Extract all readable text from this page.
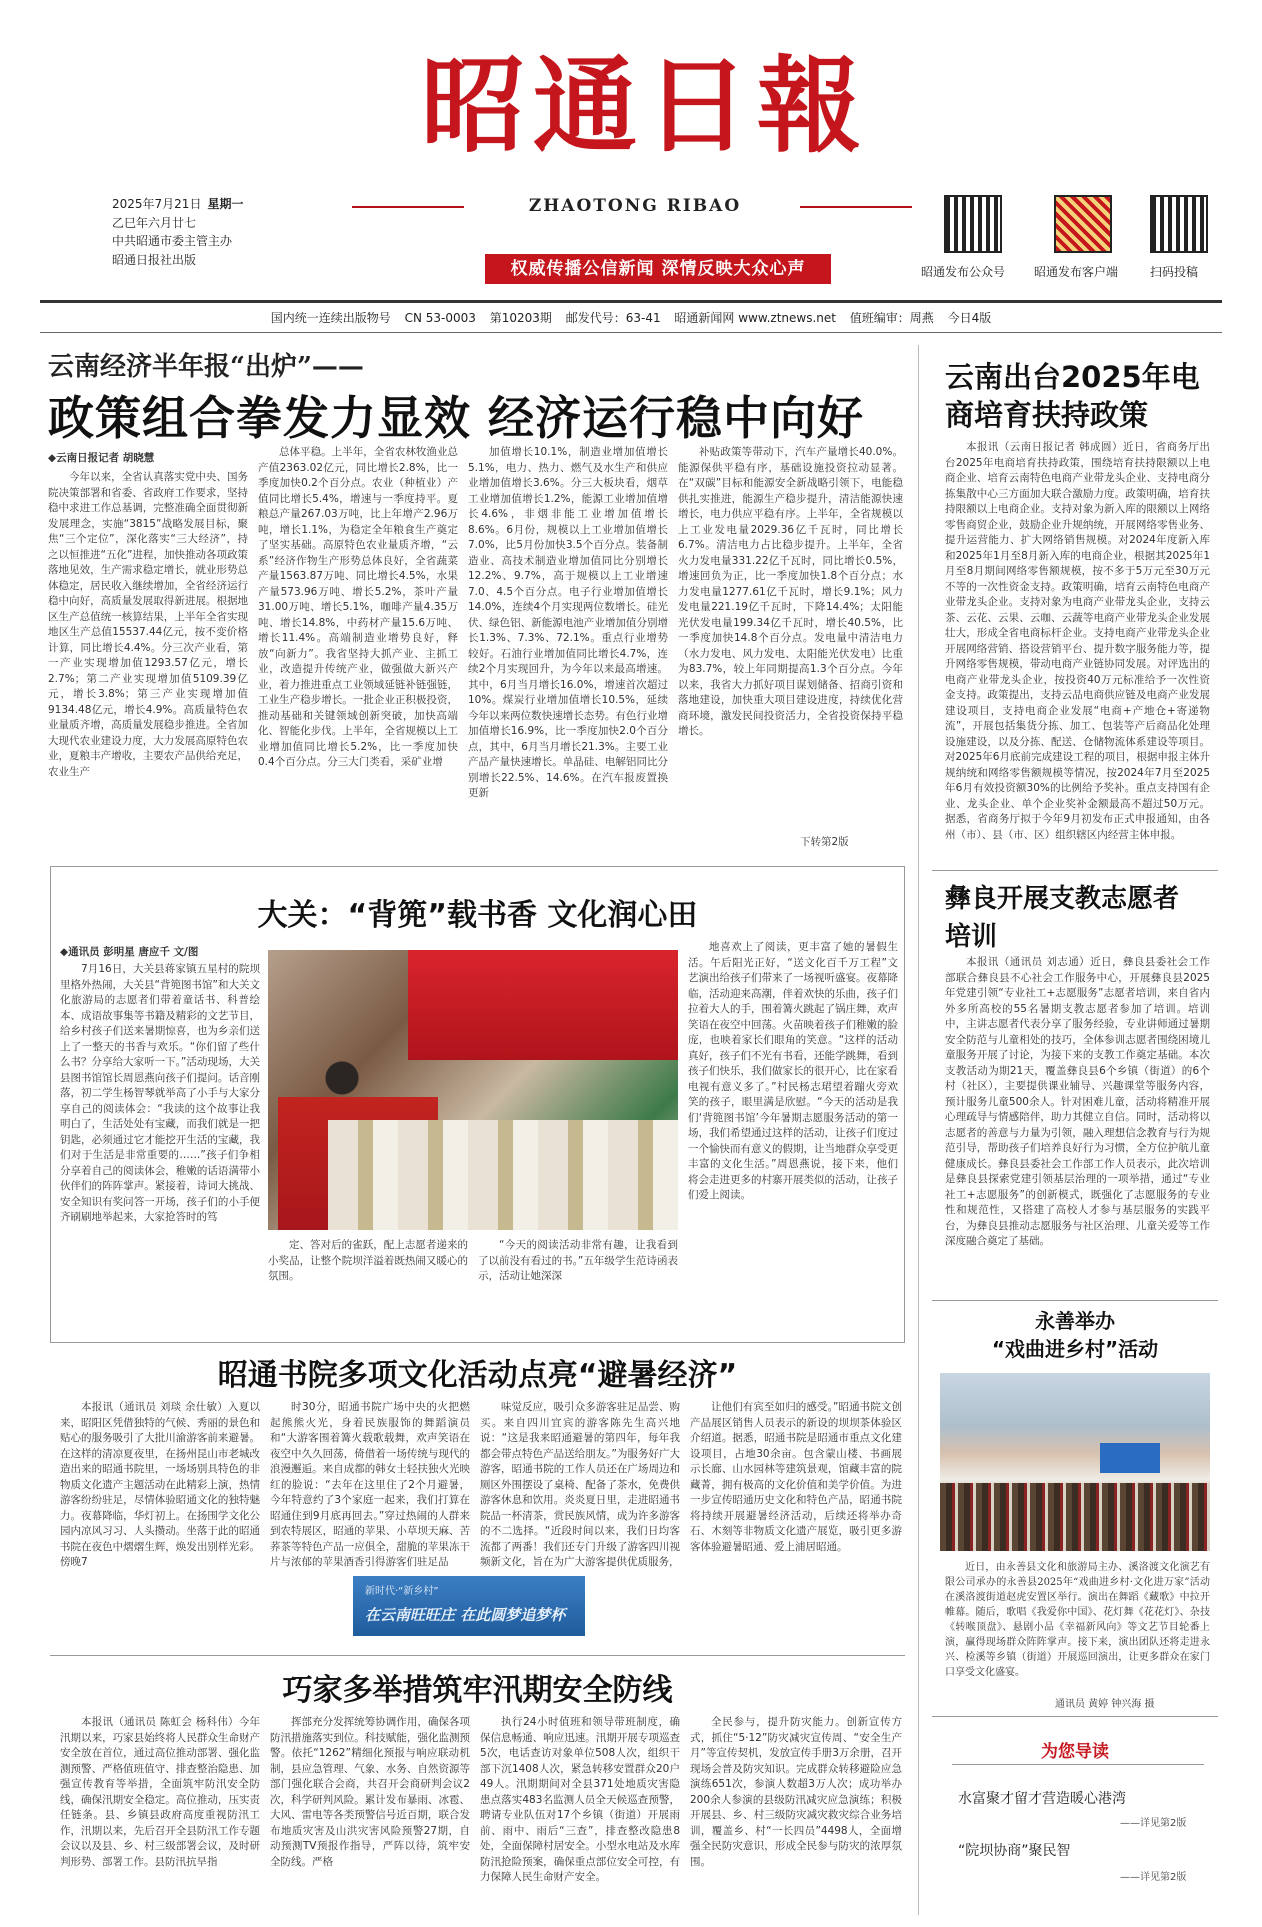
昭通日報
ZHAOTONG RIBAO
权威传播公信新闻 深情反映大众心声
2025年7月21日 星期一
乙巳年六月廿七
中共昭通市委主管主办
昭通日报社出版
昭通发布公众号 昭通发布客户端	扫码投稿
国内统一连续出版物号 CN 53-0003 第10203期 邮发代号：63-41 昭通新闻网 www.ztnews.net 值班编审：周燕 今日4版
云南经济半年报“出炉”——
政策组合拳发力显效 经济运行稳中向好
◆云南日报记者 胡晓慧
今年以来，全省认真落实党中央、国务院决策部署和省委、省政府工作要求，坚持稳中求进工作总基调，完整准确全面贯彻新发展理念，实施“3815”战略发展目标，聚焦“三个定位”，深化落实“三大经济”，持之以恒推进“五化”进程，加快推动各项政策落地见效，生产需求稳定增长，就业形势总体稳定，居民收入继续增加，全省经济运行稳中向好，高质量发展取得新进展。根据地区生产总值统一核算结果，上半年全省实现地区生产总值15537.44亿元，按不变价格计算，同比增长4.4%。分三次产业看，第一产业实现增加值1293.57亿元，增长2.7%；第二产业实现增加值5109.39亿元，增长3.8%；第三产业实现增加值9134.48亿元，增长4.9%。高质量特色农业量质齐增，高质量发展稳步推进。全省加大现代农业建设力度，大力发展高原特色农业，夏粮丰产增收，主要农产品供给充足，农业生产
总体平稳。上半年，全省农林牧渔业总产值2363.02亿元，同比增长2.8%，比一季度加快0.2个百分点。农业（种植业）产值同比增长5.4%，增速与一季度持平。夏粮总产量267.03万吨，比上年增产2.96万吨，增长1.1%，为稳定全年粮食生产奠定了坚实基础。高原特色农业量质齐增，“云系”经济作物生产形势总体良好，全省蔬菜产量1563.87万吨、同比增长4.5%，水果产量573.96万吨、增长5.2%，茶叶产量31.00万吨、增长5.1%，咖啡产量4.35万吨、增长14.8%，中药材产量15.6万吨、增长11.4%。高端制造业增势良好，释放“向新力”。我省坚持大抓产业、主抓工业，改造提升传统产业，做强做大新兴产业，着力推进重点工业领域延链补链强链，工业生产稳步增长。一批企业正积极投资，推动基础和关键领域创新突破，加快高端化、智能化步伐。上半年，全省规模以上工业增加值同比增长5.2%，比一季度加快0.4个百分点。分三大门类看，采矿业增
加值增长10.1%，制造业增加值增长5.1%，电力、热力、燃气及水生产和供应业增加值增长3.6%。分三大板块看，烟草工业增加值增长1.2%，能源工业增加值增长4.6%，非烟非能工业增加值增长8.6%。6月份，规模以上工业增加值增长7.0%，比5月份加快3.5个百分点。装备制造业、高技术制造业增加值同比分别增长12.2%、9.7%，高于规模以上工业增速7.0、4.5个百分点。电子行业增加值增长14.0%，连续4个月实现两位数增长。硅光伏、绿色铝、新能源电池产业增加值分别增长1.3%、7.3%、72.1%。重点行业增势较好。石油行业增加值同比增长4.7%，连续2个月实现回升，为今年以来最高增速。其中，6月当月增长16.0%，增速首次超过10%。煤炭行业增加值增长10.5%，延续今年以来两位数快速增长态势。有色行业增加值增长16.9%，比一季度加快2.0个百分点，其中，6月当月增长21.3%。主要工业产品产量快速增长。单晶硅、电解铝同比分别增长22.5%、14.6%。在汽车报废置换更新
补贴政策等带动下，汽车产量增长40.0%。能源保供平稳有序，基础设施投资拉动显著。在“双碳”目标和能源安全新战略引领下，电能稳供扎实推进，能源生产稳步提升，清洁能源快速增长，电力供应平稳有序。上半年，全省规模以上工业发电量2029.36亿千瓦时，同比增长6.7%。清洁电力占比稳步提升。上半年，全省火力发电量331.22亿千瓦时，同比增长0.5%，增速回负为正，比一季度加快1.8个百分点；水力发电量1277.61亿千瓦时，增长9.1%；风力发电量221.19亿千瓦时，下降14.4%；太阳能光伏发电量199.34亿千瓦时，增长40.5%，比一季度加快14.8个百分点。发电量中清洁电力（水力发电、风力发电、太阳能光伏发电）比重为83.7%，较上年同期提高1.3个百分点。今年以来，我省大力抓好项目谋划储备、招商引资和落地建设，加快重大项目建设进度，持续优化营商环境，激发民间投资活力，全省投资保持平稳增长。
下转第2版
云南出台2025年电商培育扶持政策
本报讯（云南日报记者 韩成圆）近日，省商务厅出台2025年电商培育扶持政策，围绕培育扶持限额以上电商企业、培育云南特色电商产业带龙头企业、支持电商分拣集散中心三方面加大联合激励力度。政策明确，培育扶持限额以上电商企业。支持对象为新入库的限额以上网络零售商贸企业，鼓励企业升规纳统，开展网络零售业务、提升运营能力、扩大网络销售规模。对2024年度新入库和2025年1月至8月新入库的电商企业，根据其2025年1月至8月期间网络零售额规模，按不多于5万元至30万元不等的一次性资金支持。政策明确，培育云南特色电商产业带龙头企业。支持对象为电商产业带龙头企业，支持云茶、云花、云果、云咖、云蔬等电商产业带龙头企业发展壮大，形成全省电商标杆企业。支持电商产业带龙头企业开展网络营销、搭设营销平台、提升数字服务能力等，提升网络零售规模，带动电商产业链协同发展。对评选出的电商产业带龙头企业，按投资40万元标准给予一次性资金支持。政策提出，支持云品电商供应链及电商产业发展建设项目，支持电商企业发展“电商+产地仓+寄递物流”，开展包括集货分拣、加工、包装等产后商品化处理设施建设，以及分拣、配送、仓储物流体系建设等项目。对2025年6月底前完成建设工程的项目，根据申报主体升规纳统和网络零售额规模等情况，按2024年7月至2025年6月有效投资额30%的比例给予奖补。重点支持国有企业、龙头企业、单个企业奖补金额最高不超过50万元。据悉，省商务厅拟于今年9月初发布正式申报通知，由各州（市）、县（市、区）组织辖区内经营主体申报。
彝良开展支教志愿者培训
本报讯（通讯员 刘志通）近日，彝良县委社会工作部联合彝良县不心社会工作服务中心，开展彝良县2025年党建引领“专业社工+志愿服务”志愿者培训，来自省内外多所高校的55名暑期支教志愿者参加了培训。培训中，主讲志愿者代表分享了服务经验，专业讲师通过暑期安全防范与儿童相处的技巧，全体参训志愿者围绕困境儿童服务开展了讨论，为接下来的支教工作奠定基础。本次支教活动为期21天，覆盖彝良县6个乡镇（街道）的6个村（社区），主要提供课业辅导、兴趣课堂等服务内容，预计服务儿童500余人。针对困难儿童，活动将精准开展心理疏导与情感陪伴，助力其健立自信。同时，活动将以志愿者的善意与力量为引领，融入理想信念教育与行为规范引导，帮助孩子们培养良好行为习惯，全方位护航儿童健康成长。彝良县委社会工作部工作人员表示，此次培训是彝良县探索党建引领基层治理的一项举措，通过“专业社工+志愿服务”的创新模式，既强化了志愿服务的专业性和规范性，又搭建了高校人才参与基层服务的实践平台，为彝良县推动志愿服务与社区治理、儿童关爱等工作深度融合奠定了基础。
永善举办
“戏曲进乡村”活动
近日，由永善县文化和旅游局主办、溪洛渡文化演艺有限公司承办的永善县2025年“戏曲进乡村·文化进万家”活动在溪洛渡街道赵虎安置区举行。演出在舞蹈《藏歌》中拉开帷幕。随后，歌唱《我爱你中国》、花灯舞《花花灯》、杂技《转喉顶盘》、悬剧小品《幸福新风向》等文艺节目轮番上演，赢得现场群众阵阵掌声。接下来，演出团队还将走进永兴、检溪等乡镇（街道）开展巡回演出，让更多群众在家门口享受文化盛宴。
通讯员 黄婷 钟兴海 摄
为您导读
水富聚才留才营造暖心港湾
——详见第2版
“院坝协商”聚民智
——详见第2版
大关：“背篼”载书香 文化润心田
◆通讯员 彭明星 唐应千 文/图
7月16日，大关县蒋家镇五星村的院坝里格外热闹，大关县“背篼图书馆”和大关文化旅游局的志愿者们带着童话书、科普绘本、成语故事集等书籍及精彩的文艺节目，给乡村孩子们送来暑期惊喜，也为乡亲们送上了一整天的书香与欢乐。“你们留了些什么书？分享给大家听一下。”活动现场，大关县图书馆馆长周恩燕向孩子们提问。话音刚落，初二学生杨智琴就举高了小手与大家分享自己的阅读体会：“我读的这个故事让我明白了，生活处处有宝藏，而我们就是一把钥匙，必须通过它才能挖开生活的宝藏，我们对于生活是非常重要的……”孩子们争相分享着自己的阅读体会，稚嫩的话语满带小伙伴们的阵阵掌声。紧接着，诗词大挑战、安全知识有奖问答一开场，孩子们的小手便齐刷刷地举起来，大家抢答时的笃
定、答对后的雀跃，配上志愿者递来的小奖品，让整个院坝洋溢着既热闹又暖心的氛围。
“今天的阅读活动非常有趣，让我看到了以前没有看过的书。”五年级学生范诗函表示，活动让她深深
地喜欢上了阅读，更丰富了她的暑假生活。午后阳光正好，“送文化百千万工程”文艺演出给孩子们带来了一场视听盛宴。夜幕降临，活动迎来高潮，伴着欢快的乐曲，孩子们拉着大人的手，围着篝火跳起了锅庄舞，欢声笑语在夜空中回荡。火苗映着孩子们稚嫩的脸庞，也映着家长们眼角的笑意。“这样的活动真好，孩子们不光有书看，还能学跳舞，看到孩子们快乐，我们做家长的很开心，比在家看电视有意义多了。”村民杨志珺望着蹦火旁欢笑的孩子，眼里满是欣慰。“今天的活动是我们‘背篼图书馆’今年暑期志愿服务活动的第一场，我们希望通过这样的活动，让孩子们度过一个愉快而有意义的假期，让当地群众享受更丰富的文化生活。”周恩燕说，接下来，他们将会走进更多的村寨开展类似的活动，让孩子们爱上阅读。
昭通书院多项文化活动点亮“避暑经济”
本报讯（通讯员 刘琰 余仕敏）入夏以来，昭阳区凭借独特的气候、秀丽的景色和贴心的服务吸引了大批川渝游客前来避暑。在这样的清凉夏夜里，在扬州昆山市老城改造出来的昭通书院里，一场场别具特色的非物质文化遗产主题活动在此精彩上演，热情游客纷纷驻足，尽情体验昭通文化的独特魅力。夜幕降临，华灯初上。在扬围学文化公园内凉风习习、人头攒动。坐落于此的昭通书院在夜色中熠熠生辉，焕发出别样光彩。傍晚7
时30分，昭通书院广场中央的火把燃起熊熊火光，身着民族服饰的舞蹈演员和“大游客围着篝火载歌载舞，欢声笑语在夜空中久久回荡，倚借着一场传统与现代的浪漫邂逅。来自成都的韩女士轻扶独火光映红的脸说：“去年在这里住了2个月避暑，今年特意约了3个家庭一起来，我们打算在昭通住到9月底再回去。”穿过热闹的人群来到农特展区，昭通的苹果、小草坝天麻、苦荞茶等特色产品一应俱全，甜脆的苹果冻干片与浓郁的苹果酒香引得游客们驻足品
味觉反应，吸引众多游客驻足品尝、购买。来自四川宜宾的游客陈先生高兴地说：“这是我来昭通避暑的第四年，每年我都会带点特色产品送给朋友。”为服务好广大游客，昭通书院的工作人员还在广场周边和厕区外围摆设了桌椅、配备了茶水，免费供游客休息和饮用。炎炎夏日里，走进昭通书院品一杯清茶，赏民族风情，成为许多游客的不二选择。“近段时间以来，我们日均客流都了两番！我们还专门升级了游客四川视频新文化，旨在为广大游客提供优质服务，
让他们有宾至如归的感受。”昭通书院文创产品展区销售人员表示的新设的坝坝茶体验区介绍道。据悉，昭通书院是昭通市重点文化建设项目，占地30余亩。包含蒙山楼、书画展示长廊、山水园林等建筑景观，馆藏丰富的院藏菁，拥有极高的文化价值和美学价值。为进一步宣传昭通历史文化和特色产品，昭通书院将持续开展避暑经济活动，后续还将举办奇石、木刻等非物质文化遗产展览，吸引更多游客体验避暑昭通、爱上浦居昭通。
新时代·“新乡村”
在云南旺旺庄 在此圆梦追梦杯
巧家多举措筑牢汛期安全防线
本报讯（通讯员 陈虹会 杨科伟）今年汛期以来，巧家县始终将人民群众生命财产安全放在首位，通过高位推动部署、强化监测预警、严格值班值守、排查整治隐患、加强宣传教育等举措，全面筑牢防汛安全防线，确保汛期安全稳定。高位推动，压实责任链条。县、乡镇县政府高度重视防汛工作，汛期以来，先后召开全县防汛工作专题会议以及县、乡、村三级部署会议，及时研判形势、部署工作。县防汛抗旱指
挥部充分发挥统筹协调作用，确保各项防汛措施落实到位。科技赋能，强化监测预警。依托“1262”精细化预报与响应联动机制，县应急管理、气象、水务、自然资源等部门强化联合会商，共召开会商研判会议2次，科学研判风险。累计发布暴雨、冰雹、大风、雷电等各类预警信号近百期，联合发布地质灾害及山洪灾害风险预警27期，自动预测TV预报作指导，严阵以待，筑牢安全防线。严格
执行24小时值班和领导带班制度，确保信息畅通、响应迅速。汛期开展专项巡查5次，电话查访对象单位508人次，组织干部下沉1408人次，紧急转移安置群众20户49人。汛期期间对全县371处地质灾害隐患点落实483名监测人员全天候巡查预警，聘请专业队伍对17个乡镇（街道）开展雨前、雨中、雨后“三查”，排查整改隐患8处，全面保障村居安全。小型水电站及水库防汛抢险预案，确保重点部位安全可控，有力保障人民生命财产安全。
全民参与，提升防灾能力。创新宣传方式，抓住“5·12”防灾减灾宣传周、“安全生产月”等宣传契机，发放宣传手册3万余册，召开现场会普及防灾知识。完成群众转移避险应急演练651次，参演人数超3万人次；成功举办200余人参演的县级防汛减灾应急演练；积极开展县、乡、村三级防灾减灾救灾综合业务培训，覆盖乡、村“一长四员”4498人，全面增强全民防灾意识，形成全民参与防灾的浓厚氛围。
